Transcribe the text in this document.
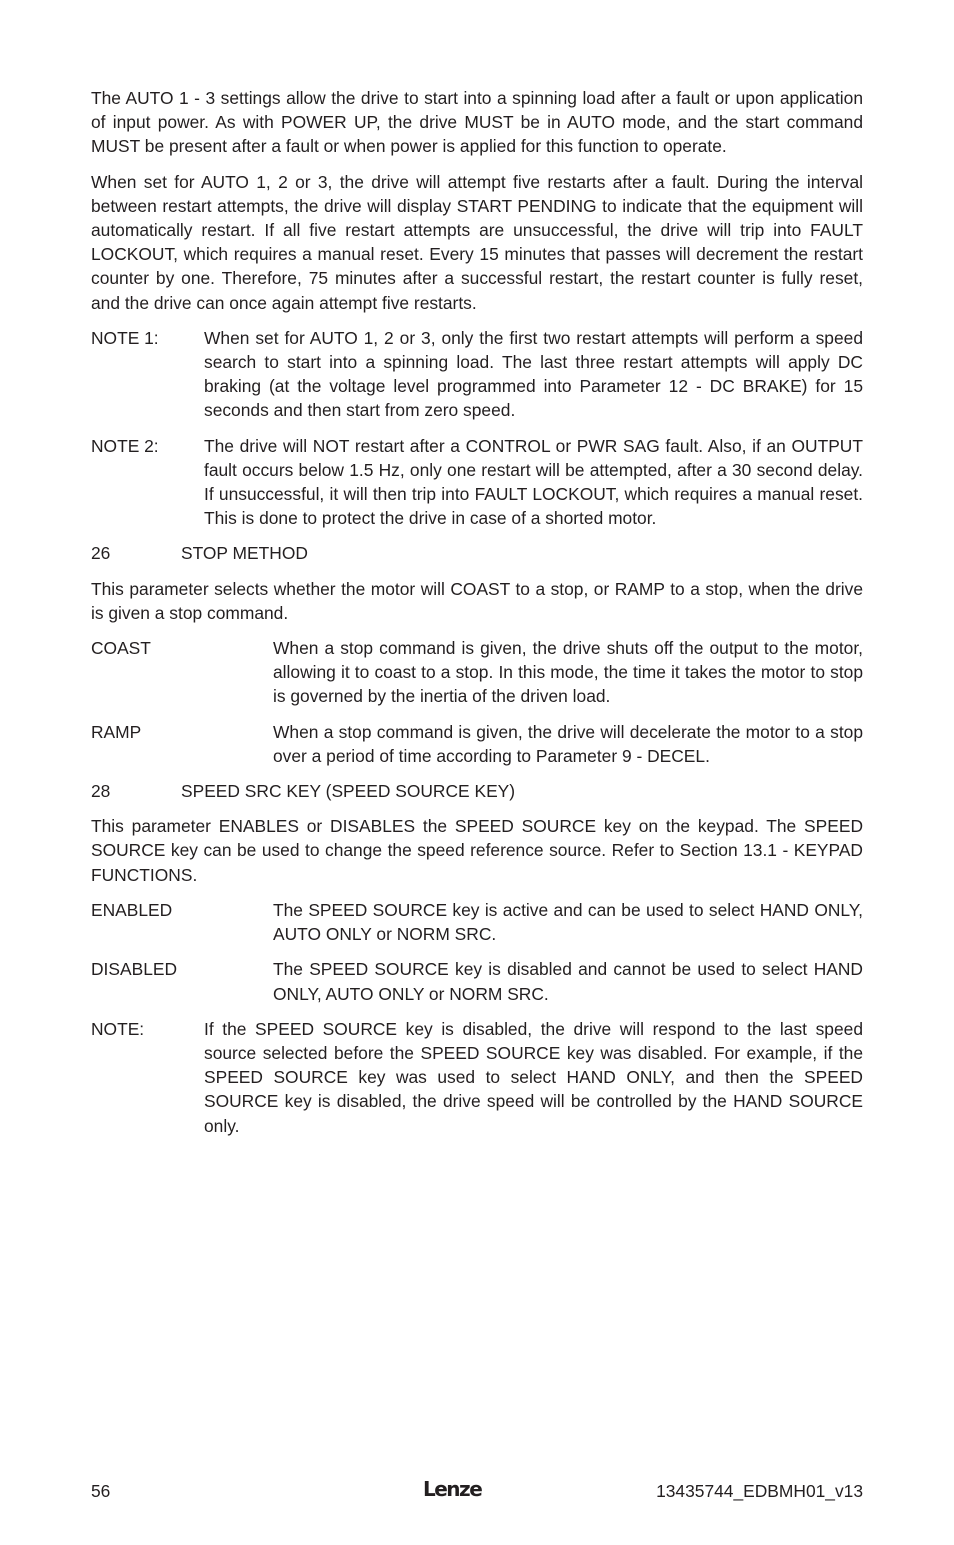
The AUTO 1 - 3 settings allow the drive to start into a spinning load after a fault or upon application of input power. As with POWER UP, the drive MUST be in AUTO mode, and the start command MUST be present after a fault or when power is applied for this function to operate.

When set for AUTO 1, 2 or 3, the drive will attempt five restarts after a fault. During the interval between restart attempts, the drive will display START PENDING to indicate that the equipment will automatically restart. If all five restart attempts are unsuccessful, the drive will trip into FAULT LOCKOUT, which requires a manual reset. Every 15 minutes that passes will decrement the restart counter by one. Therefore, 75 minutes after a successful restart, the restart counter is fully reset, and the drive can once again attempt five restarts.

NOTE 1:	When set for AUTO 1, 2 or 3, only the first two restart attempts will perform a speed search to start into a spinning load. The last three restart attempts will apply DC braking (at the voltage level programmed into Parameter 12 - DC BRAKE) for 15 seconds and then start from zero speed.
NOTE 2:	The drive will NOT restart after a CONTROL or PWR SAG fault. Also, if an OUTPUT fault occurs below 1.5 Hz, only one restart will be attempted, after a 30 second delay. If unsuccessful, it will then trip into FAULT LOCKOUT, which requires a manual reset. This is done to protect the drive in case of a shorted motor.
26	STOP METHOD

This parameter selects whether the motor will COAST to a stop, or RAMP to a stop, when the drive is given a stop command.

COAST	When a stop command is given, the drive shuts off the output to the motor, allowing it to coast to a stop. In this mode, the time it takes the motor to stop is governed by the inertia of the driven load.
RAMP	When a stop command is given, the drive will decelerate the motor to a stop over a period of time according to Parameter 9 - DECEL.
28	SPEED SRC KEY (SPEED SOURCE KEY)

This parameter ENABLES or DISABLES the SPEED SOURCE key on the keypad. The SPEED SOURCE key can be used to change the speed reference source. Refer to Section 13.1 - KEYPAD FUNCTIONS.

ENABLED	The SPEED SOURCE key is active and can be used to select HAND ONLY, AUTO ONLY or NORM SRC.
DISABLED	The SPEED SOURCE key is disabled and cannot be used to select HAND ONLY, AUTO ONLY or NORM SRC.
NOTE:	If the SPEED SOURCE key is disabled, the drive will respond to the last speed source selected before the SPEED SOURCE key was disabled. For example, if the SPEED SOURCE key was used to select HAND ONLY, and then the SPEED SOURCE key is disabled, the drive speed will be controlled by the HAND SOURCE only.
56	Lenze	13435744_EDBMH01_v13
